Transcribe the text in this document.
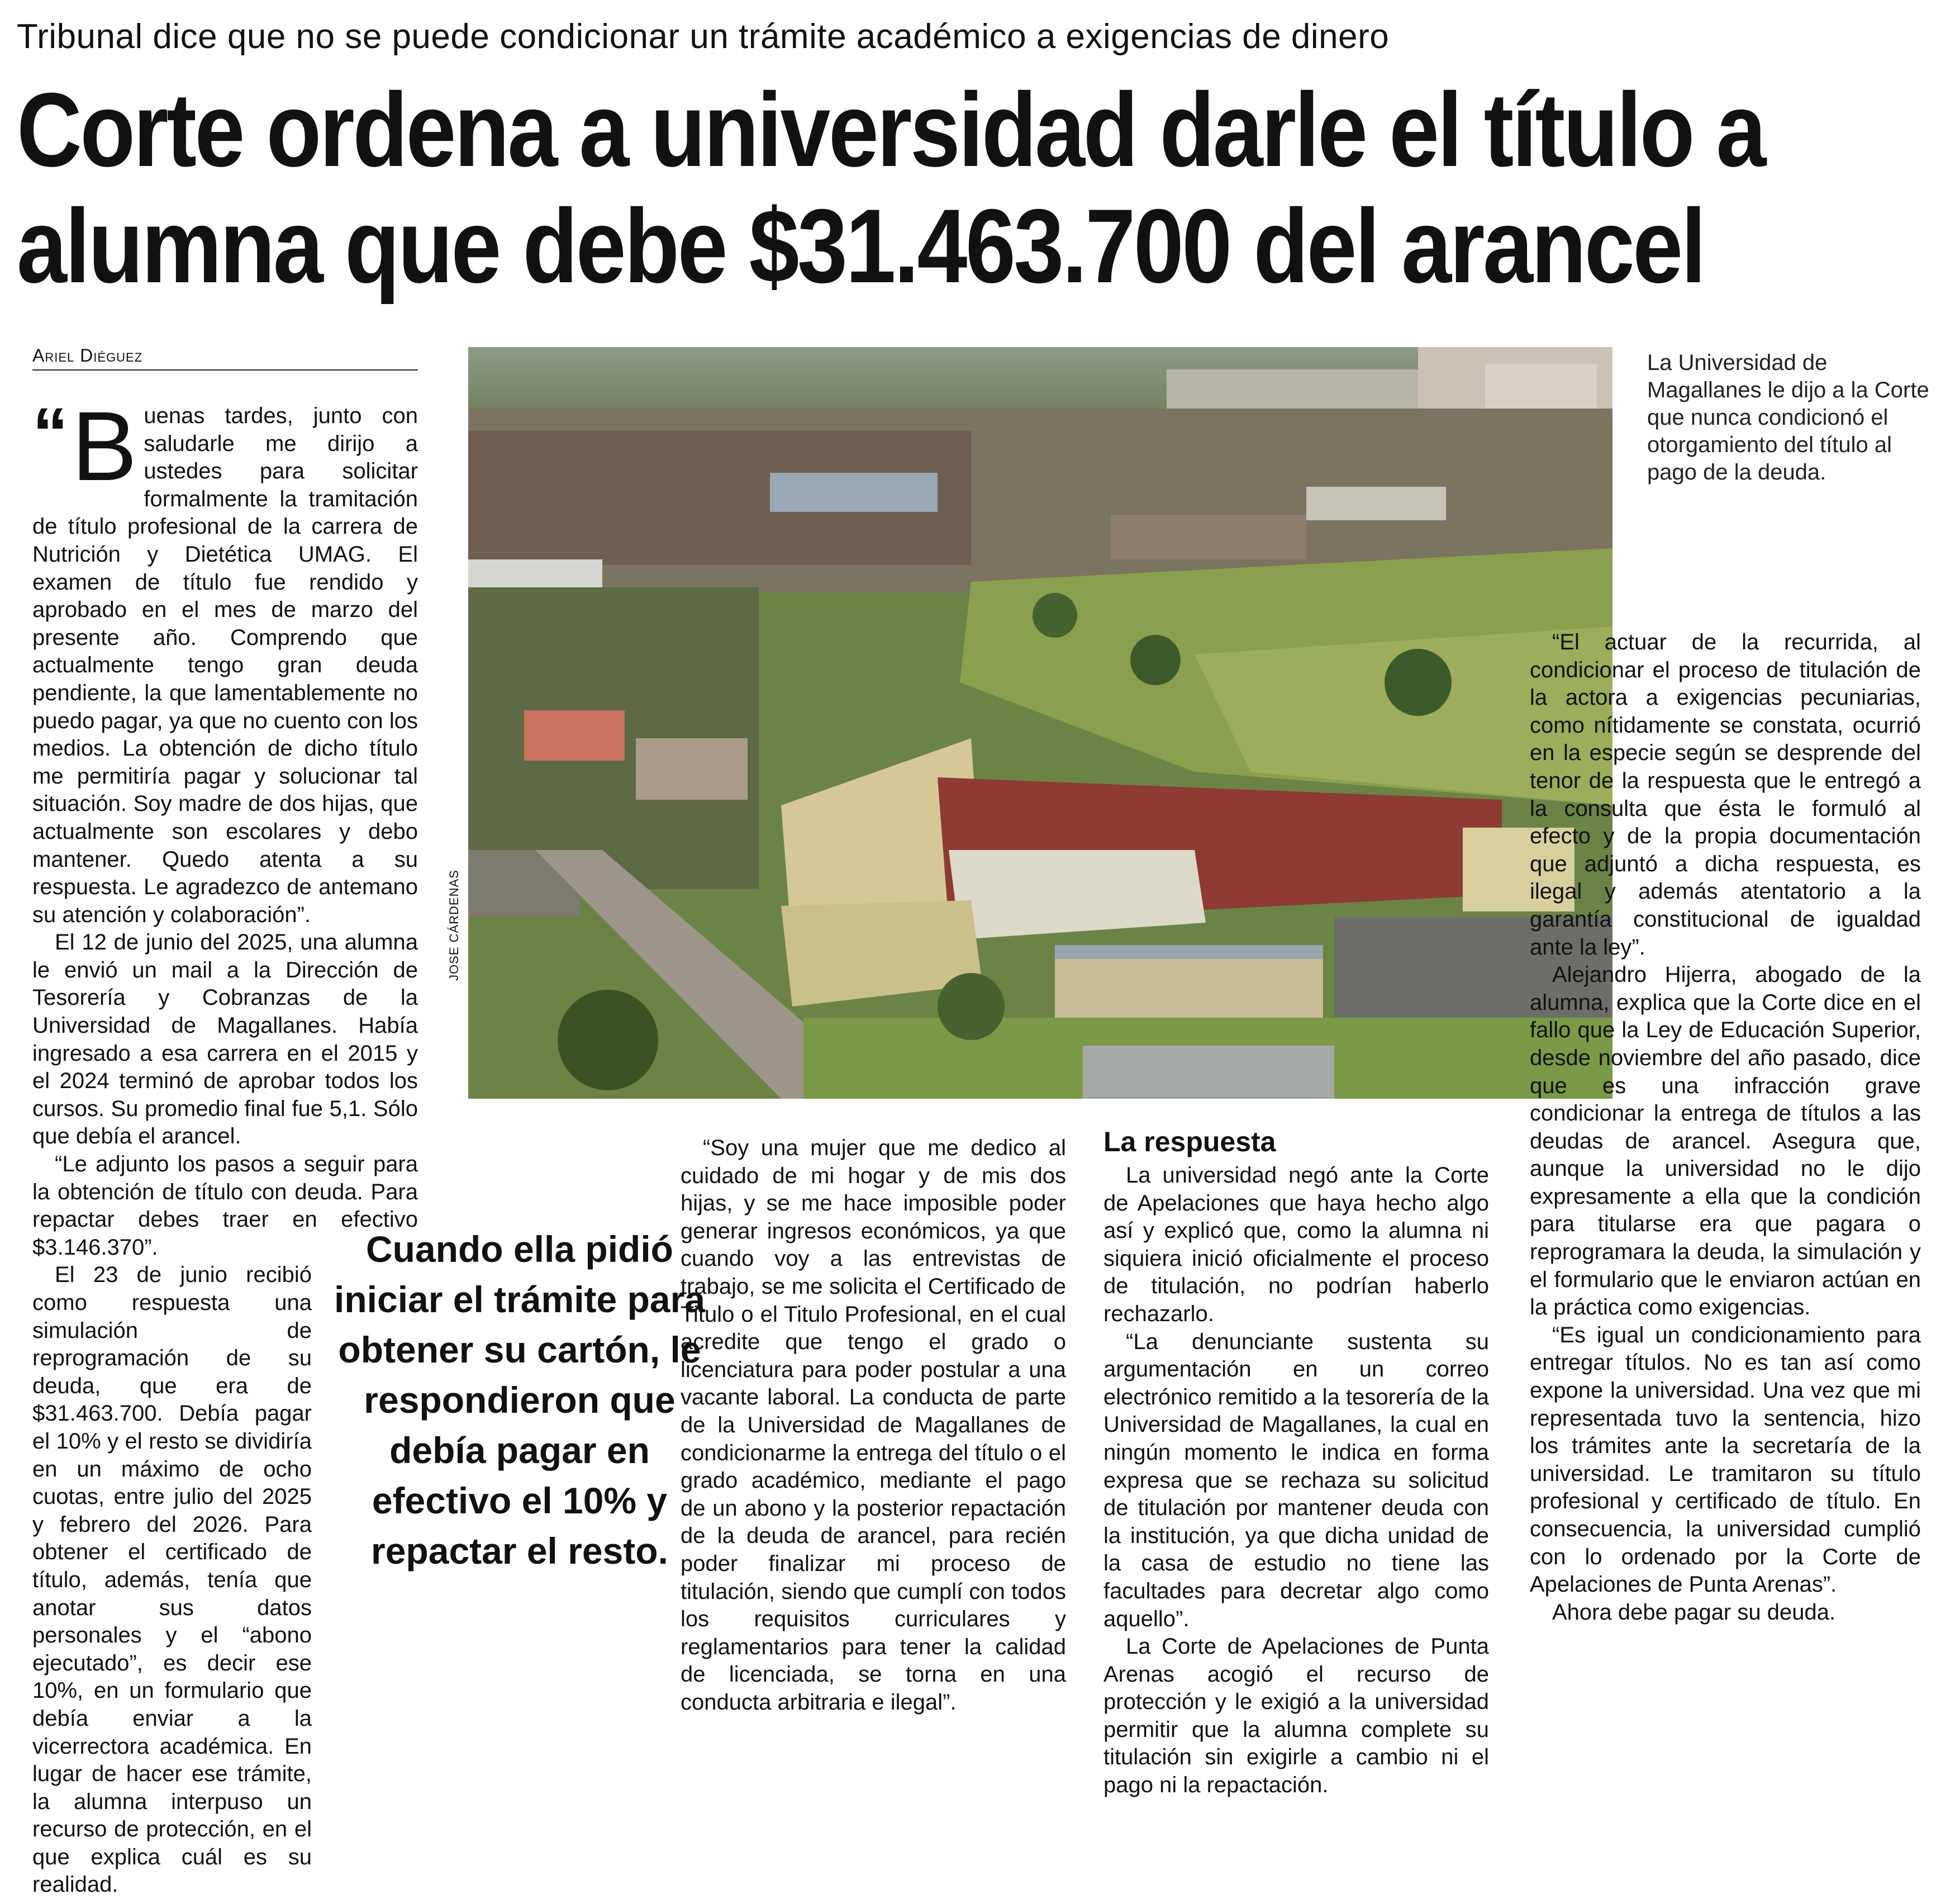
Tribunal dice que no se puede condicionar un trámite académico a exigencias de dinero
Corte ordena a universidad darle el título a
alumna que debe $31.463.700 del arancel
Ariel Diéguez

“ B uenas tardes, junto con saludarle me dirijo a ustedes para solicitar formalmente la tramitación de título profesional de la carrera de Nutrición y Dietética UMAG. El examen de título fue rendido y aprobado en el mes de marzo del presente año. Comprendo que actualmente tengo gran deuda pendiente, la que lamentablemente no puedo pagar, ya que no cuento con los medios. La obtención de dicho título me permitiría pagar y solucionar tal situación. Soy madre de dos hijas, que actualmente son escolares y debo mantener. Quedo atenta a su respuesta. Le agradezco de antemano su atención y colaboración”.

El 12 de junio del 2025, una alumna le envió un mail a la Dirección de Tesorería y Cobranzas de la Universidad de Magallanes. Había ingresado a esa carrera en el 2015 y el 2024 terminó de aprobar todos los cursos. Su promedio final fue 5,1. Sólo que debía el arancel.

“Le adjunto los pasos a seguir para la obtención de título con deuda. Para repactar debes traer en efectivo $3.146.370”.

El 23 de junio recibió como respuesta una simulación de reprogramación de su deuda, que era de $31.463.700. Debía pagar el 10% y el resto se dividiría en un máximo de ocho cuotas, entre julio del 2025 y febrero del 2026. Para obtener el certificado de título, además, tenía que anotar sus datos personales y el “abono ejecutado”, es decir ese 10%, en un formulario que debía enviar a la vicerrectora académica. En lugar de hacer ese trámite, la alumna interpuso un recurso de protección, en el que explica cuál es su realidad.

JOSE CÁRDENAS
La Universidad de Magallanes le dijo a la Corte que nunca condicionó el otorgamiento del título al pago de la deuda.
Cuando ella pidió iniciar el trámite para obtener su cartón, le respondieron que debía pagar en efectivo el 10% y repactar el resto.

“Soy una mujer que me dedico al cuidado de mi hogar y de mis dos hijas, y se me hace imposible poder generar ingresos económicos, ya que cuando voy a las entrevistas de trabajo, se me solicita el Certificado de Titulo o el Titulo Profesional, en el cual acredite que tengo el grado o licenciatura para poder postular a una vacante laboral. La conducta de parte de la Universidad de Magallanes de condicionarme la entrega del título o el grado académico, mediante el pago de un abono y la posterior repactación de la deuda de arancel, para recién poder finalizar mi proceso de titulación, siendo que cumplí con todos los requisitos curriculares y reglamentarios para tener la calidad de licenciada, se torna en una conducta arbitraria e ilegal”.

La respuesta

La universidad negó ante la Corte de Apelaciones que haya hecho algo así y explicó que, como la alumna ni siquiera inició oficialmente el proceso de titulación, no podrían haberlo rechazarlo.

“La denunciante sustenta su argumentación en un correo electrónico remitido a la tesorería de la Universidad de Magallanes, la cual en ningún momento le indica en forma expresa que se rechaza su solicitud de titulación por mantener deuda con la institución, ya que dicha unidad de la casa de estudio no tiene las facultades para decretar algo como aquello”.

La Corte de Apelaciones de Punta Arenas acogió el recurso de protección y le exigió a la universidad permitir que la alumna complete su titulación sin exigirle a cambio ni el pago ni la repactación.

“El actuar de la recurrida, al condicionar el proceso de titulación de la actora a exigencias pecuniarias, como nítidamente se constata, ocurrió en la especie según se desprende del tenor de la respuesta que le entregó a la consulta que ésta le formuló al efecto y de la propia documentación que adjuntó a dicha respuesta, es ilegal y además atentatorio a la garantía constitucional de igualdad ante la ley”.

Alejandro Hijerra, abogado de la alumna, explica que la Corte dice en el fallo que la Ley de Educación Superior, desde noviembre del año pasado, dice que es una infracción grave condicionar la entrega de títulos a las deudas de arancel. Asegura que, aunque la universidad no le dijo expresamente a ella que la condición para titularse era que pagara o reprogramara la deuda, la simulación y el formulario que le enviaron actúan en la práctica como exigencias.

“Es igual un condicionamiento para entregar títulos. No es tan así como expone la universidad. Una vez que mi representada tuvo la sentencia, hizo los trámites ante la secretaría de la universidad. Le tramitaron su título profesional y certificado de título. En consecuencia, la universidad cumplió con lo ordenado por la Corte de Apelaciones de Punta Arenas”.

Ahora debe pagar su deuda.
